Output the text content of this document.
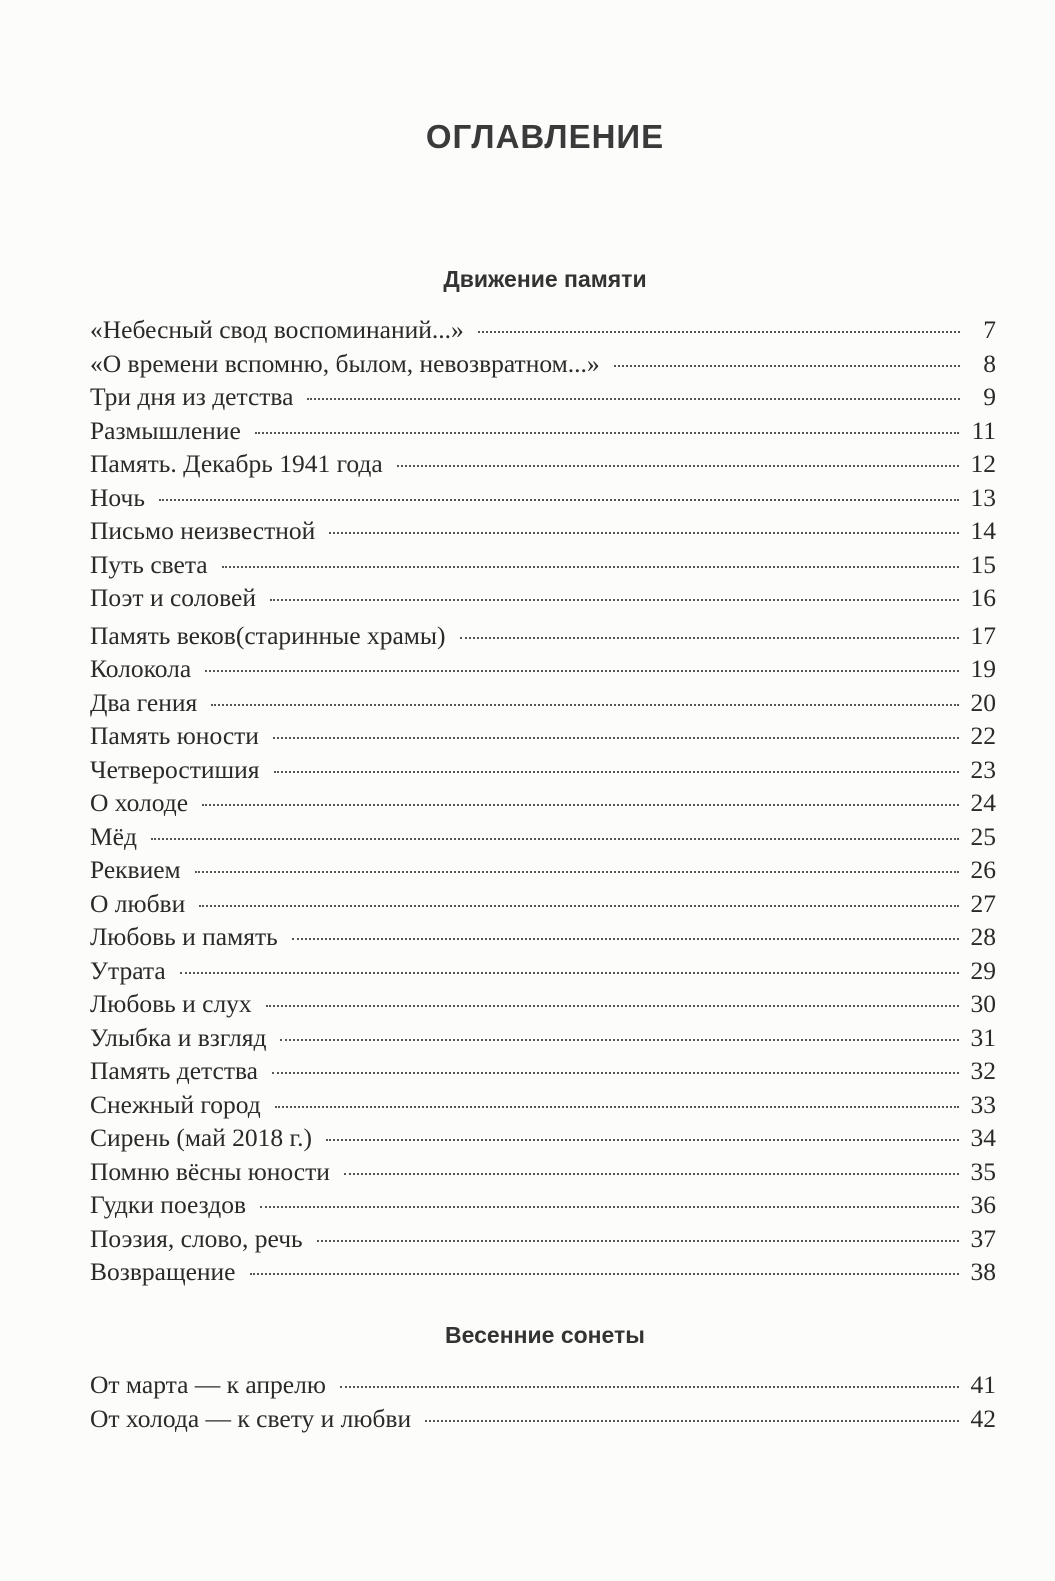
ОГЛАВЛЕНИЕ
Движение памяти
«Небесный свод воспоминаний...»	7
«О времени вспомню, былом, невозвратном...»	8
Три дня из детства	9
Размышление	11
Память. Декабрь 1941 года	12
Ночь	13
Письмо неизвестной	14
Путь света	15
Поэт и соловей	16
Память веков(старинные храмы)	17
Колокола	19
Два гения	20
Память юности	22
Четверостишия	23
О холоде	24
Мёд	25
Реквием	26
О любви	27
Любовь и память	28
Утрата	29
Любовь и слух	30
Улыбка и взгляд	31
Память детства	32
Снежный город	33
Сирень (май 2018 г.)	34
Помню вёсны юности	35
Гудки поездов	36
Поэзия, слово, речь	37
Возвращение	38
Весенние сонеты
От марта — к апрелю	41
От холода — к свету и любви	42
